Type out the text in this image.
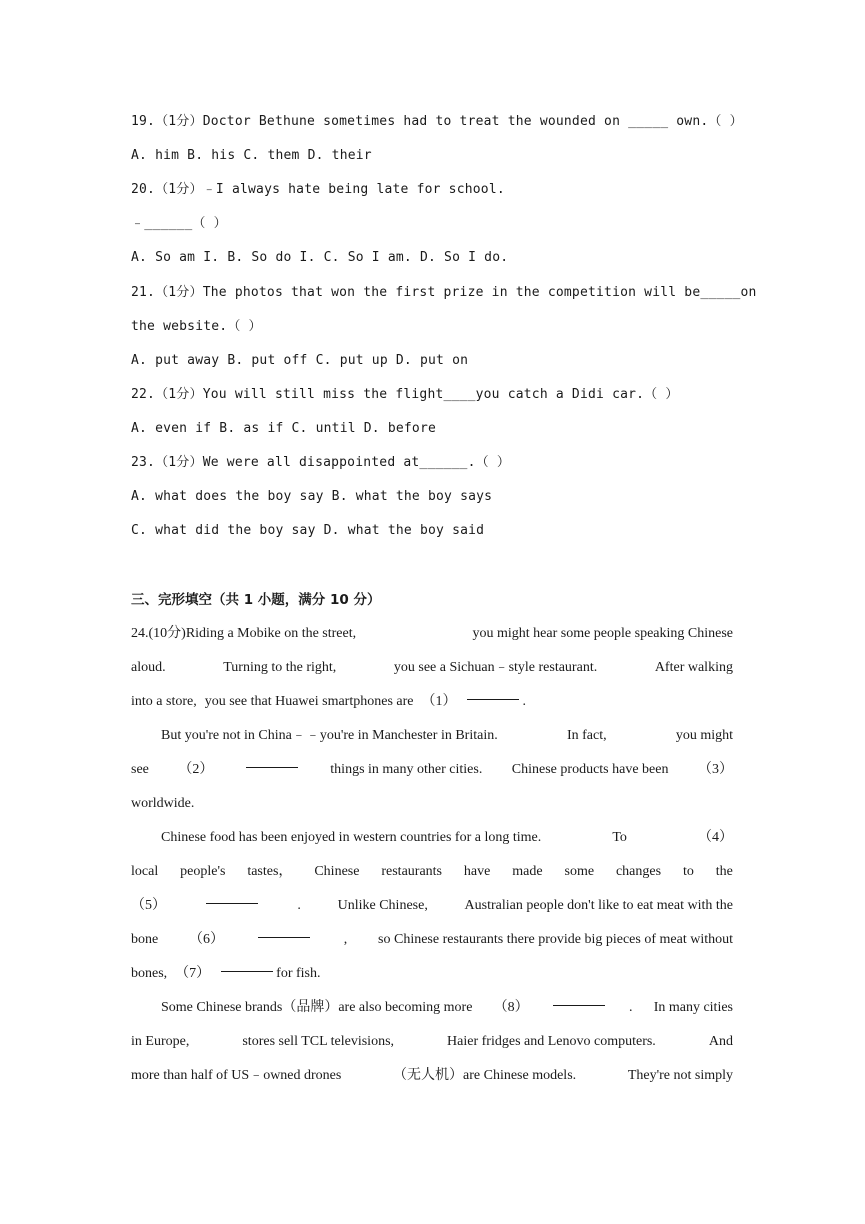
19.（1分）Doctor Bethune sometimes had to treat the wounded on _____ own.（ ）
A. him B. his C. them D. their
20.（1分）﹣I always hate being late for school.
﹣______（ ）
A. So am I. B. So do I. C. So I am. D. So I do.
21.（1分）The photos that won the first prize in the competition will be_____on
the website.（ ）
A. put away B. put off C. put up D. put on
22.（1分）You will still miss the flight____you catch a Didi car.（ ）
A. even if B. as if C. until D. before
23.（1分）We were all disappointed at______.（ ）
A. what does the boy say B. what the boy says
C. what did the boy say D. what the boy said
三、完形填空（共 1 小题，满分 10 分）
24.(10分)Riding a Mobike on the street,	you might hear some people speaking Chinese
aloud.	Turning to the right,	you see a Sichuan﹣style restaurant.	After walking
into a store, you see that Huawei smartphones are （1）	.
But you're not in China﹣﹣you're in Manchester in Britain.	In fact,	you might
see （2）	things in many other cities. Chinese products have been （3）
worldwide.
Chinese food has been enjoyed in western countries for a long time.	To	（4）
local people's tastes， Chinese restaurants have made some changes to the
（5）	.	Unlike Chinese,	Australian people don't like to eat meat with the
bone （6）	, so Chinese restaurants there provide big pieces of meat without
bones, （7）	for fish.
Some Chinese brands（品牌）are also becoming more （8）	. In many cities
in Europe,	stores sell TCL televisions,	Haier fridges and Lenovo computers.	And
more than half of US﹣owned drones	（无人机）are Chinese models.	They're not simply
